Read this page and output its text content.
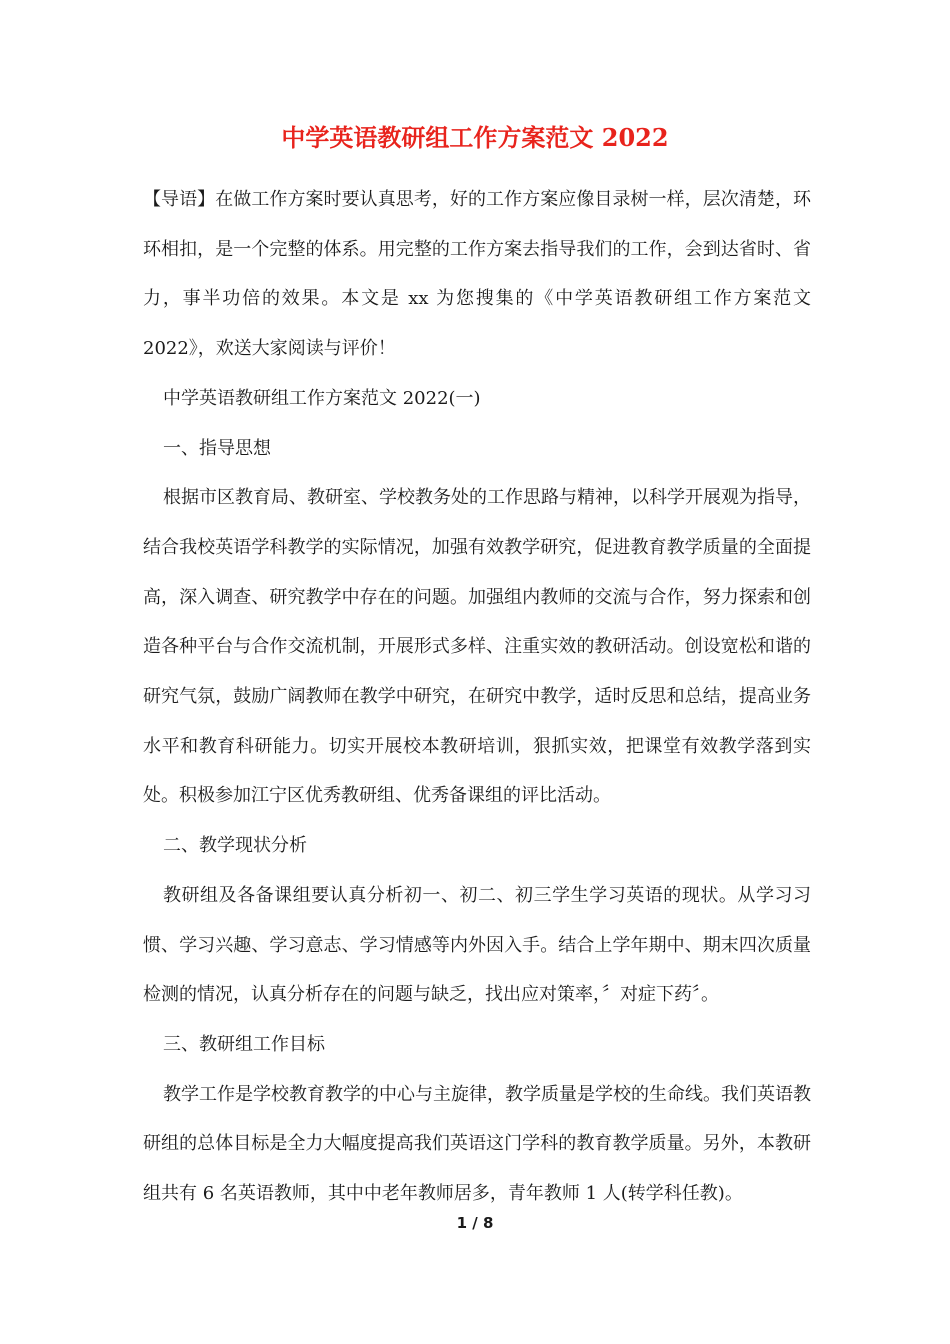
中学英语教研组工作方案范文 2022

【导语】在做工作方案时要认真思考，好的工作方案应像目录树一样，层次清楚，环环相扣，是一个完整的体系。用完整的工作方案去指导我们的工作，会到达省时、省力，事半功倍的效果。本文是 xx 为您搜集的《中学英语教研组工作方案范文 2022》，欢送大家阅读与评价！

中学英语教研组工作方案范文 2022(一)

一、指导思想

根据市区教育局、教研室、学校教务处的工作思路与精神，以科学开展观为指导，结合我校英语学科教学的实际情况，加强有效教学研究，促进教育教学质量的全面提高，深入调查、研究教学中存在的问题。加强组内教师的交流与合作，努力探索和创造各种平台与合作交流机制，开展形式多样、注重实效的教研活动。创设宽松和谐的研究气氛，鼓励广阔教师在教学中研究，在研究中教学，适时反思和总结，提高业务水平和教育科研能力。切实开展校本教研培训，狠抓实效，把课堂有效教学落到实处。积极参加江宁区优秀教研组、优秀备课组的评比活动。

二、教学现状分析

教研组及各备课组要认真分析初一、初二、初三学生学习英语的现状。从学习习惯、学习兴趣、学习意志、学习情感等内外因入手。结合上学年期中、期末四次质量检测的情况，认真分析存在的问题与缺乏，找出应对策率，〞对症下药〞。

三、教研组工作目标

教学工作是学校教育教学的中心与主旋律，教学质量是学校的生命线。我们英语教研组的总体目标是全力大幅度提高我们英语这门学科的教育教学质量。另外，本教研组共有 6 名英语教师，其中中老年教师居多，青年教师 1 人(转学科任教)。

1 / 8
